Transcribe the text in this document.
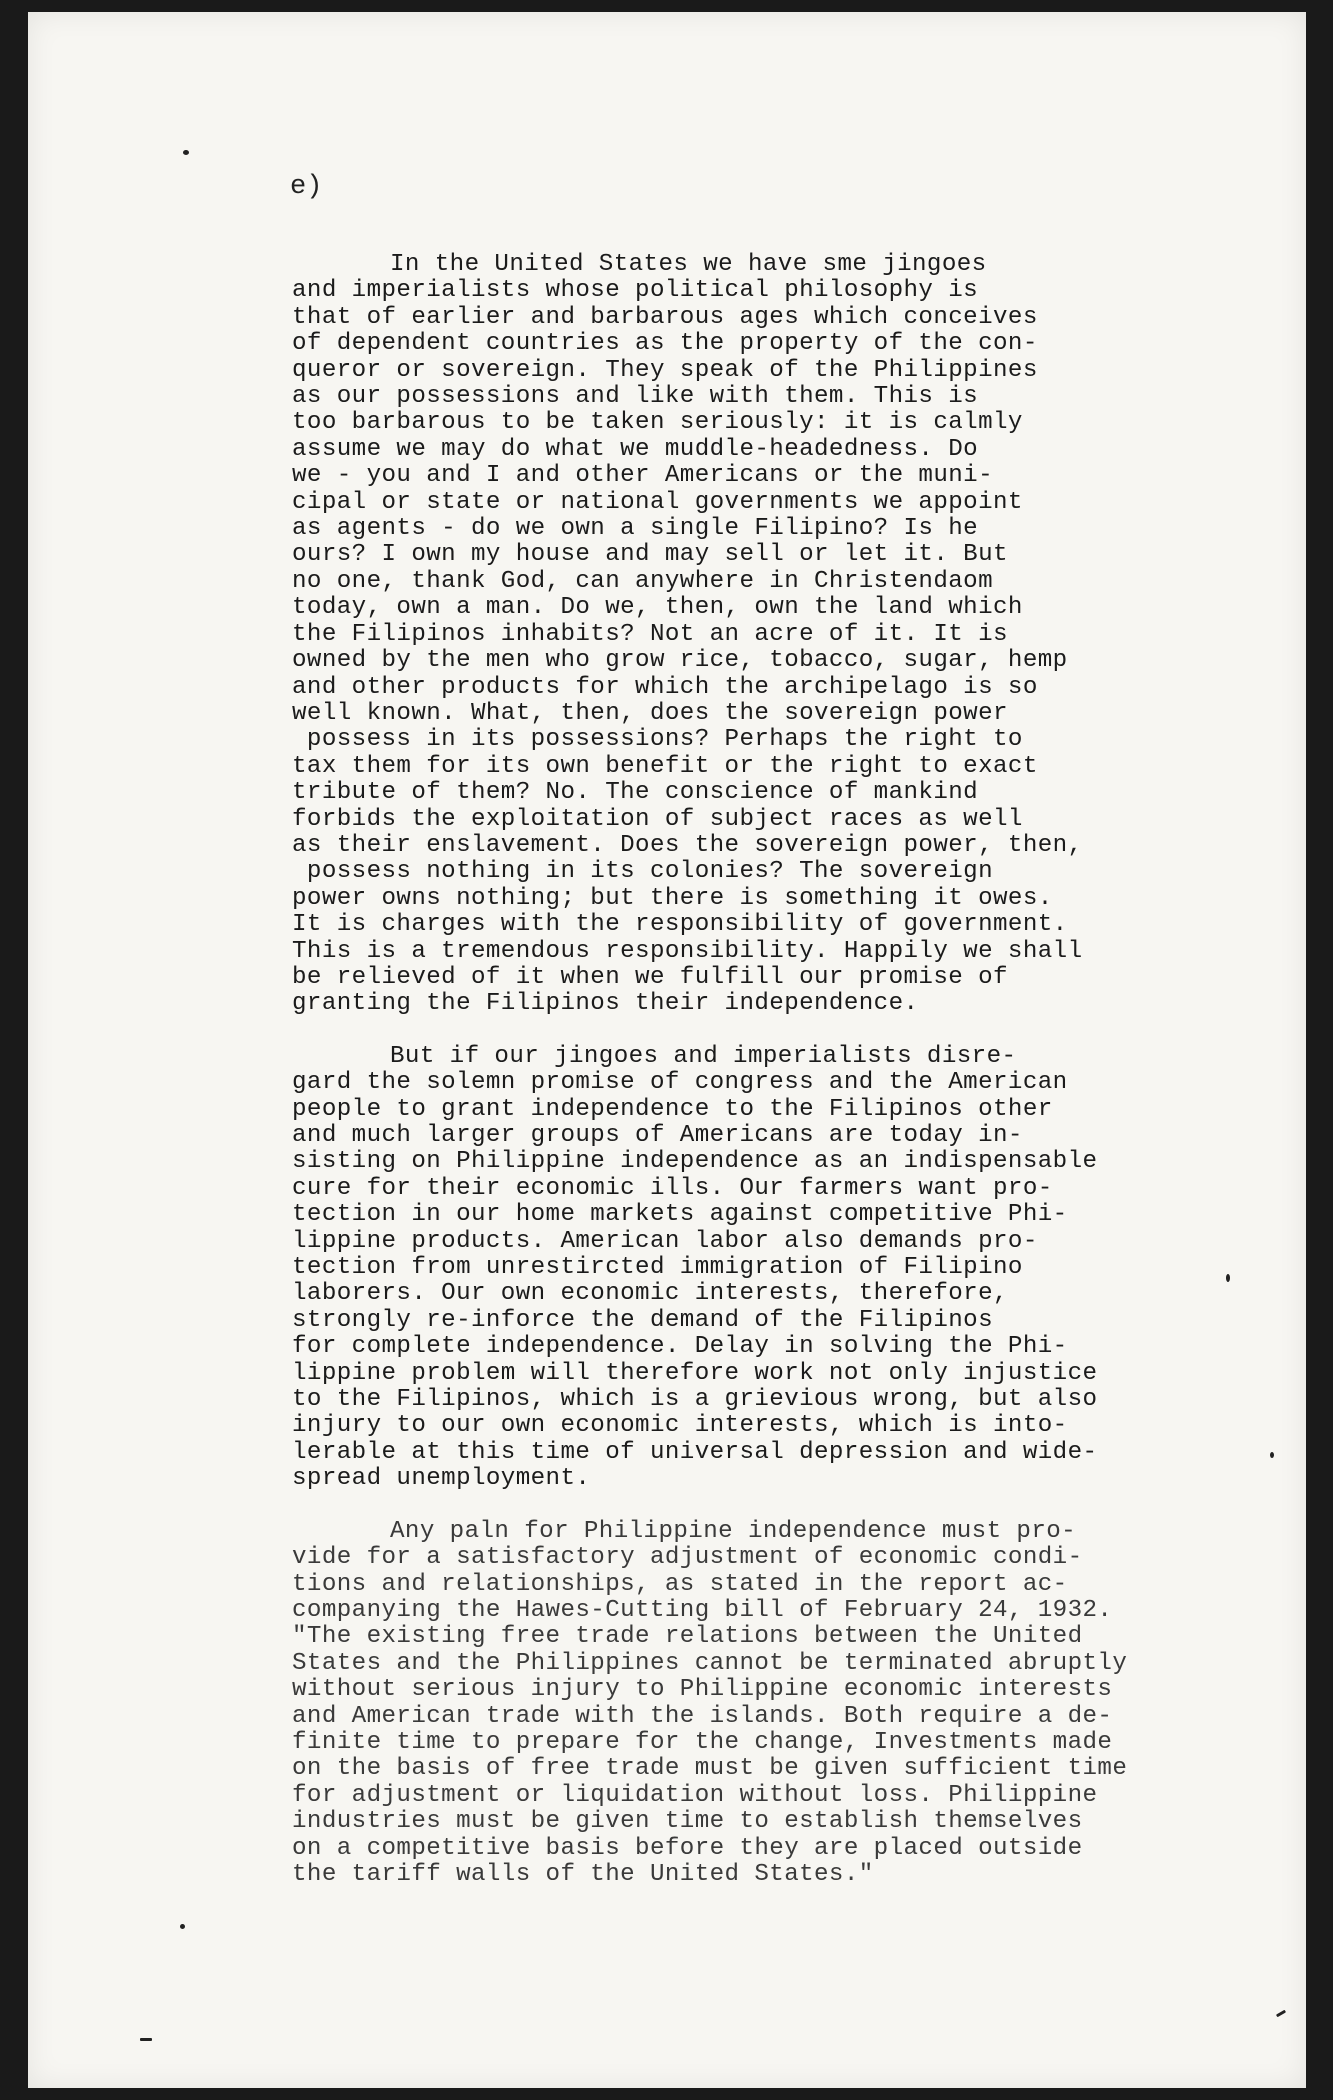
e)
In the United States we have sme jingoes
and imperialists whose political philosophy is
that of earlier and barbarous ages which conceives
of dependent countries as the property of the con-
queror or sovereign. They speak of the Philippines
as our possessions and like with them. This is
too barbarous to be taken seriously: it is calmly
assume we may do what we muddle-headedness. Do
we - you and I and other Americans or the muni-
cipal or state or national governments we appoint
as agents - do we own a single Filipino? Is he
ours? I own my house and may sell or let it. But
no one, thank God, can anywhere in Christendaom
today, own a man. Do we, then, own the land which
the Filipinos inhabits? Not an acre of it. It is
owned by the men who grow rice, tobacco, sugar, hemp
and other products for which the archipelago is so
well known. What, then, does the sovereign power
possess in its possessions? Perhaps the right to
tax them for its own benefit or the right to exact
tribute of them? No. The conscience of mankind
forbids the exploitation of subject races as well
as their enslavement. Does the sovereign power, then,
possess nothing in its colonies? The sovereign
power owns nothing; but there is something it owes.
It is charges with the responsibility of government.
This is a tremendous responsibility. Happily we shall
be relieved of it when we fulfill our promise of
granting the Filipinos their independence.
But if our jingoes and imperialists disre-
gard the solemn promise of congress and the American
people to grant independence to the Filipinos other
and much larger groups of Americans are today in-
sisting on Philippine independence as an indispensable
cure for their economic ills. Our farmers want pro-
tection in our home markets against competitive Phi-
lippine products. American labor also demands pro-
tection from unrestircted immigration of Filipino
laborers. Our own economic interests, therefore,
strongly re-inforce the demand of the Filipinos
for complete independence. Delay in solving the Phi-
lippine problem will therefore work not only injustice
to the Filipinos, which is a grievious wrong, but also
injury to our own economic interests, which is into-
lerable at this time of universal depression and wide-
spread unemployment.
Any paln for Philippine independence must pro-
vide for a satisfactory adjustment of economic condi-
tions and relationships, as stated in the report ac-
companying the Hawes-Cutting bill of February 24, 1932.
"The existing free trade relations between the United
States and the Philippines cannot be terminated abruptly
without serious injury to Philippine economic interests
and American trade with the islands. Both require a de-
finite time to prepare for the change, Investments made
on the basis of free trade must be given sufficient time
for adjustment or liquidation without loss. Philippine
industries must be given time to establish themselves
on a competitive basis before they are placed outside
the tariff walls of the United States."
